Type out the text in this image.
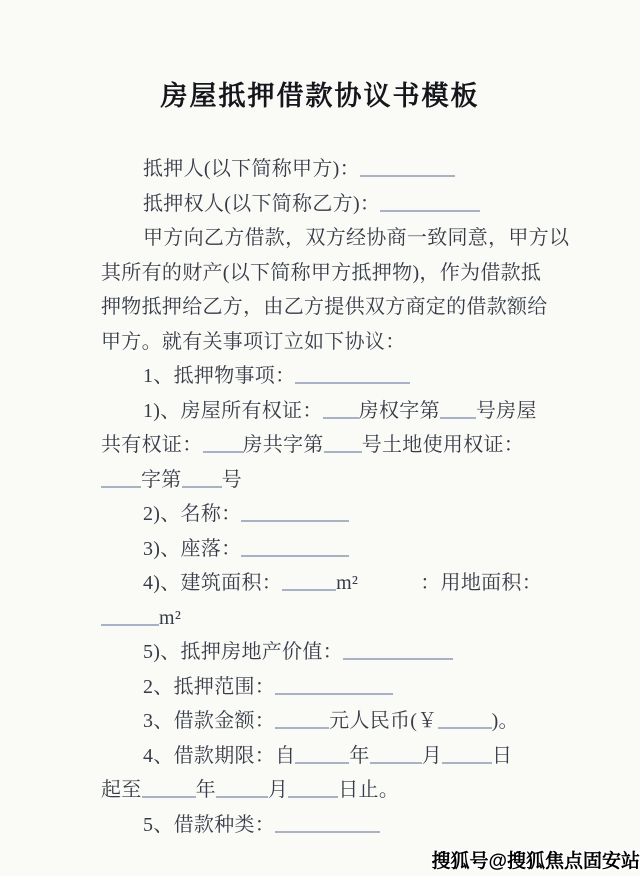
房屋抵押借款协议书模板
抵押人(以下简称甲方)：
抵押权人(以下简称乙方)：
甲方向乙方借款，双方经协商一致同意，甲方以
其所有的财产(以下简称甲方抵押物)，作为借款抵
押物抵押给乙方，由乙方提供双方商定的借款额给
甲方。就有关事项订立如下协议：
1、抵押物事项：
1)、房屋所有权证： 房权字第 号房屋
共有权证： 房共字第 号土地使用权证：
字第 号
2)、名称：
3)、座落：
4)、建筑面积：	m²	：用地面积：
m²
5)、抵押房地产价值：
2、抵押范围：
3、借款金额：	元人民币(￥	)。
4、借款期限：自	年	月	日
起至	年	月	日止。
5、借款种类：
搜狐号@搜狐焦点固安站
